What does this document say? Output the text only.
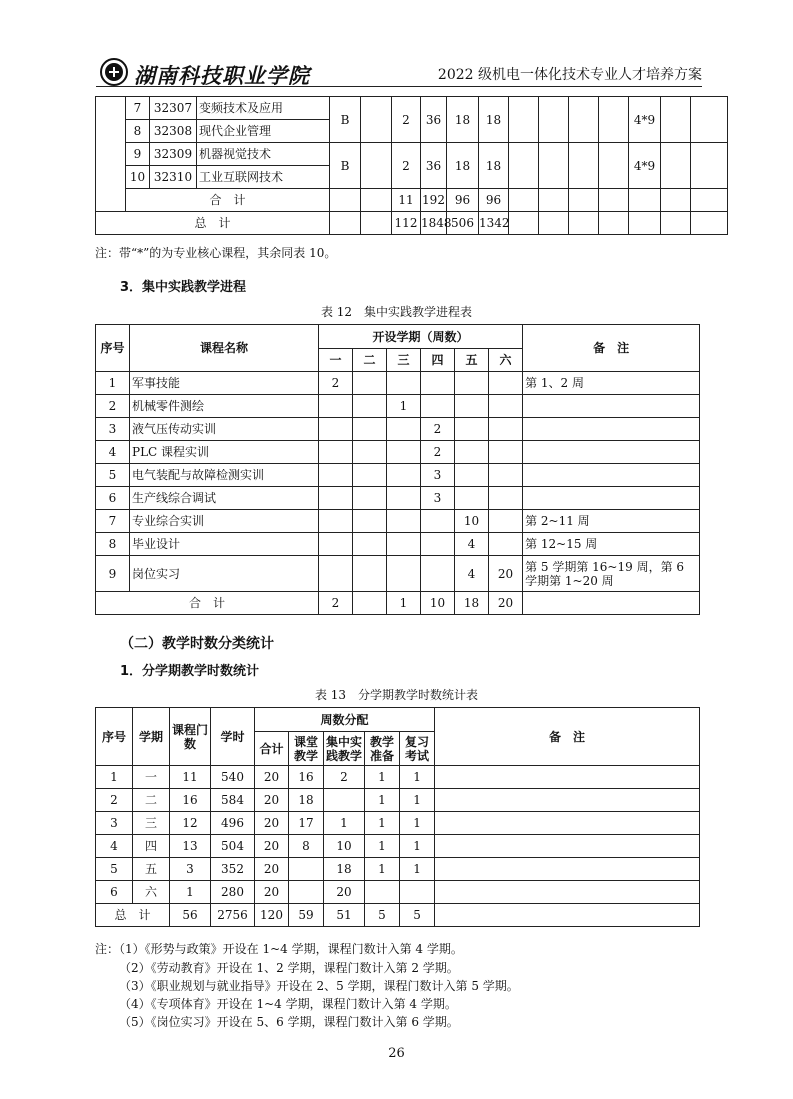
湖南科技职业学院	2022 级机电一体化技术专业人才培养方案
	7	32307	变频技术及应用	B		2	36	18	18					4*9		
	8	32308	现代企业管理													
	9	32309	机器视觉技术	B		2	36	18	18					4*9		
	10	32310	工业互联网技术													
	合　计					11	192	96	96							
总　计						112	1848	506	1342							
注：带“*”的为专业核心课程，其余同表 10。
3．集中实践教学进程
表 12　集中实践教学进程表
序号	课程名称	开设学期（周数）						备　注
		一	二	三	四	五	六	
1	军事技能	2						第 1、2 周
2	机械零件测绘			1				
3	液气压传动实训				2			
4	PLC 课程实训				2			
5	电气装配与故障检测实训				3			
6	生产线综合调试				3			
7	专业综合实训					10		第 2~11 周
8	毕业设计					4		第 12~15 周
9	岗位实习					4	20	第 5 学期第 16~19 周，第 6 学期第 1~20 周
合　计		2		1	10	18	20	
（二）教学时数分类统计
1．分学期教学时数统计
表 13　分学期教学时数统计表
序号	学期	课程门数	学时	周数分配					备　注
				合计	课堂教学	集中实践教学	教学准备	复习考试	
1	一	11	540	20	16	2	1	1	
2	二	16	584	20	18		1	1	
3	三	12	496	20	17	1	1	1	
4	四	13	504	20	8	10	1	1	
5	五	3	352	20		18	1	1	
6	六	1	280	20		20			
总　计		56	2756	120	59	51	5	5	
注：（1）《形势与政策》开设在 1~4 学期，课程门数计入第 4 学期。
（2）《劳动教育》开设在 1、2 学期，课程门数计入第 2 学期。
（3）《职业规划与就业指导》开设在 2、5 学期，课程门数计入第 5 学期。
（4）《专项体育》开设在 1~4 学期，课程门数计入第 4 学期。
（5）《岗位实习》开设在 5、6 学期，课程门数计入第 6 学期。
26
